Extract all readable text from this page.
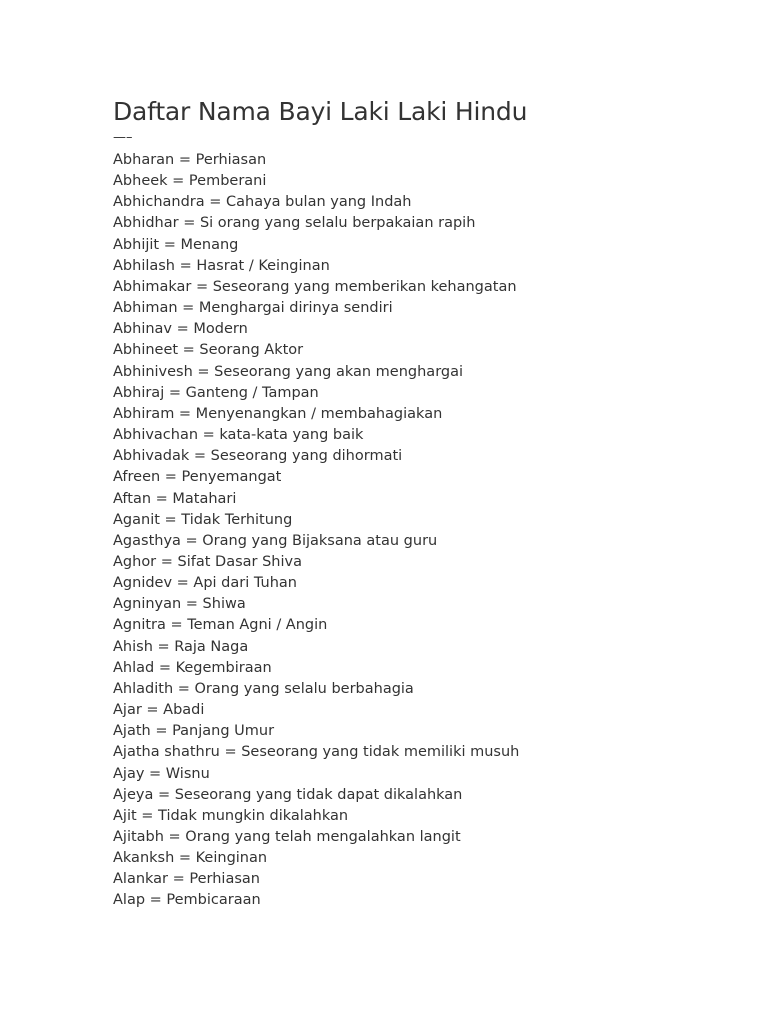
Daftar Nama Bayi Laki Laki Hindu
—–
Abharan = Perhiasan
Abheek = Pemberani
Abhichandra = Cahaya bulan yang Indah
Abhidhar = Si orang yang selalu berpakaian rapih
Abhijit = Menang
Abhilash = Hasrat / Keinginan
Abhimakar = Seseorang yang memberikan kehangatan
Abhiman = Menghargai dirinya sendiri
Abhinav = Modern
Abhineet = Seorang Aktor
Abhinivesh = Seseorang yang akan menghargai
Abhiraj = Ganteng / Tampan
Abhiram = Menyenangkan / membahagiakan
Abhivachan = kata-kata yang baik
Abhivadak = Seseorang yang dihormati
Afreen = Penyemangat
Aftan = Matahari
Aganit = Tidak Terhitung
Agasthya = Orang yang Bijaksana atau guru
Aghor = Sifat Dasar Shiva
Agnidev = Api dari Tuhan
Agninyan = Shiwa
Agnitra = Teman Agni / Angin
Ahish = Raja Naga
Ahlad = Kegembiraan
Ahladith = Orang yang selalu berbahagia
Ajar = Abadi
Ajath = Panjang Umur
Ajatha shathru = Seseorang yang tidak memiliki musuh
Ajay = Wisnu
Ajeya = Seseorang yang tidak dapat dikalahkan
Ajit = Tidak mungkin dikalahkan
Ajitabh = Orang yang telah mengalahkan langit
Akanksh = Keinginan
Alankar = Perhiasan
Alap = Pembicaraan
